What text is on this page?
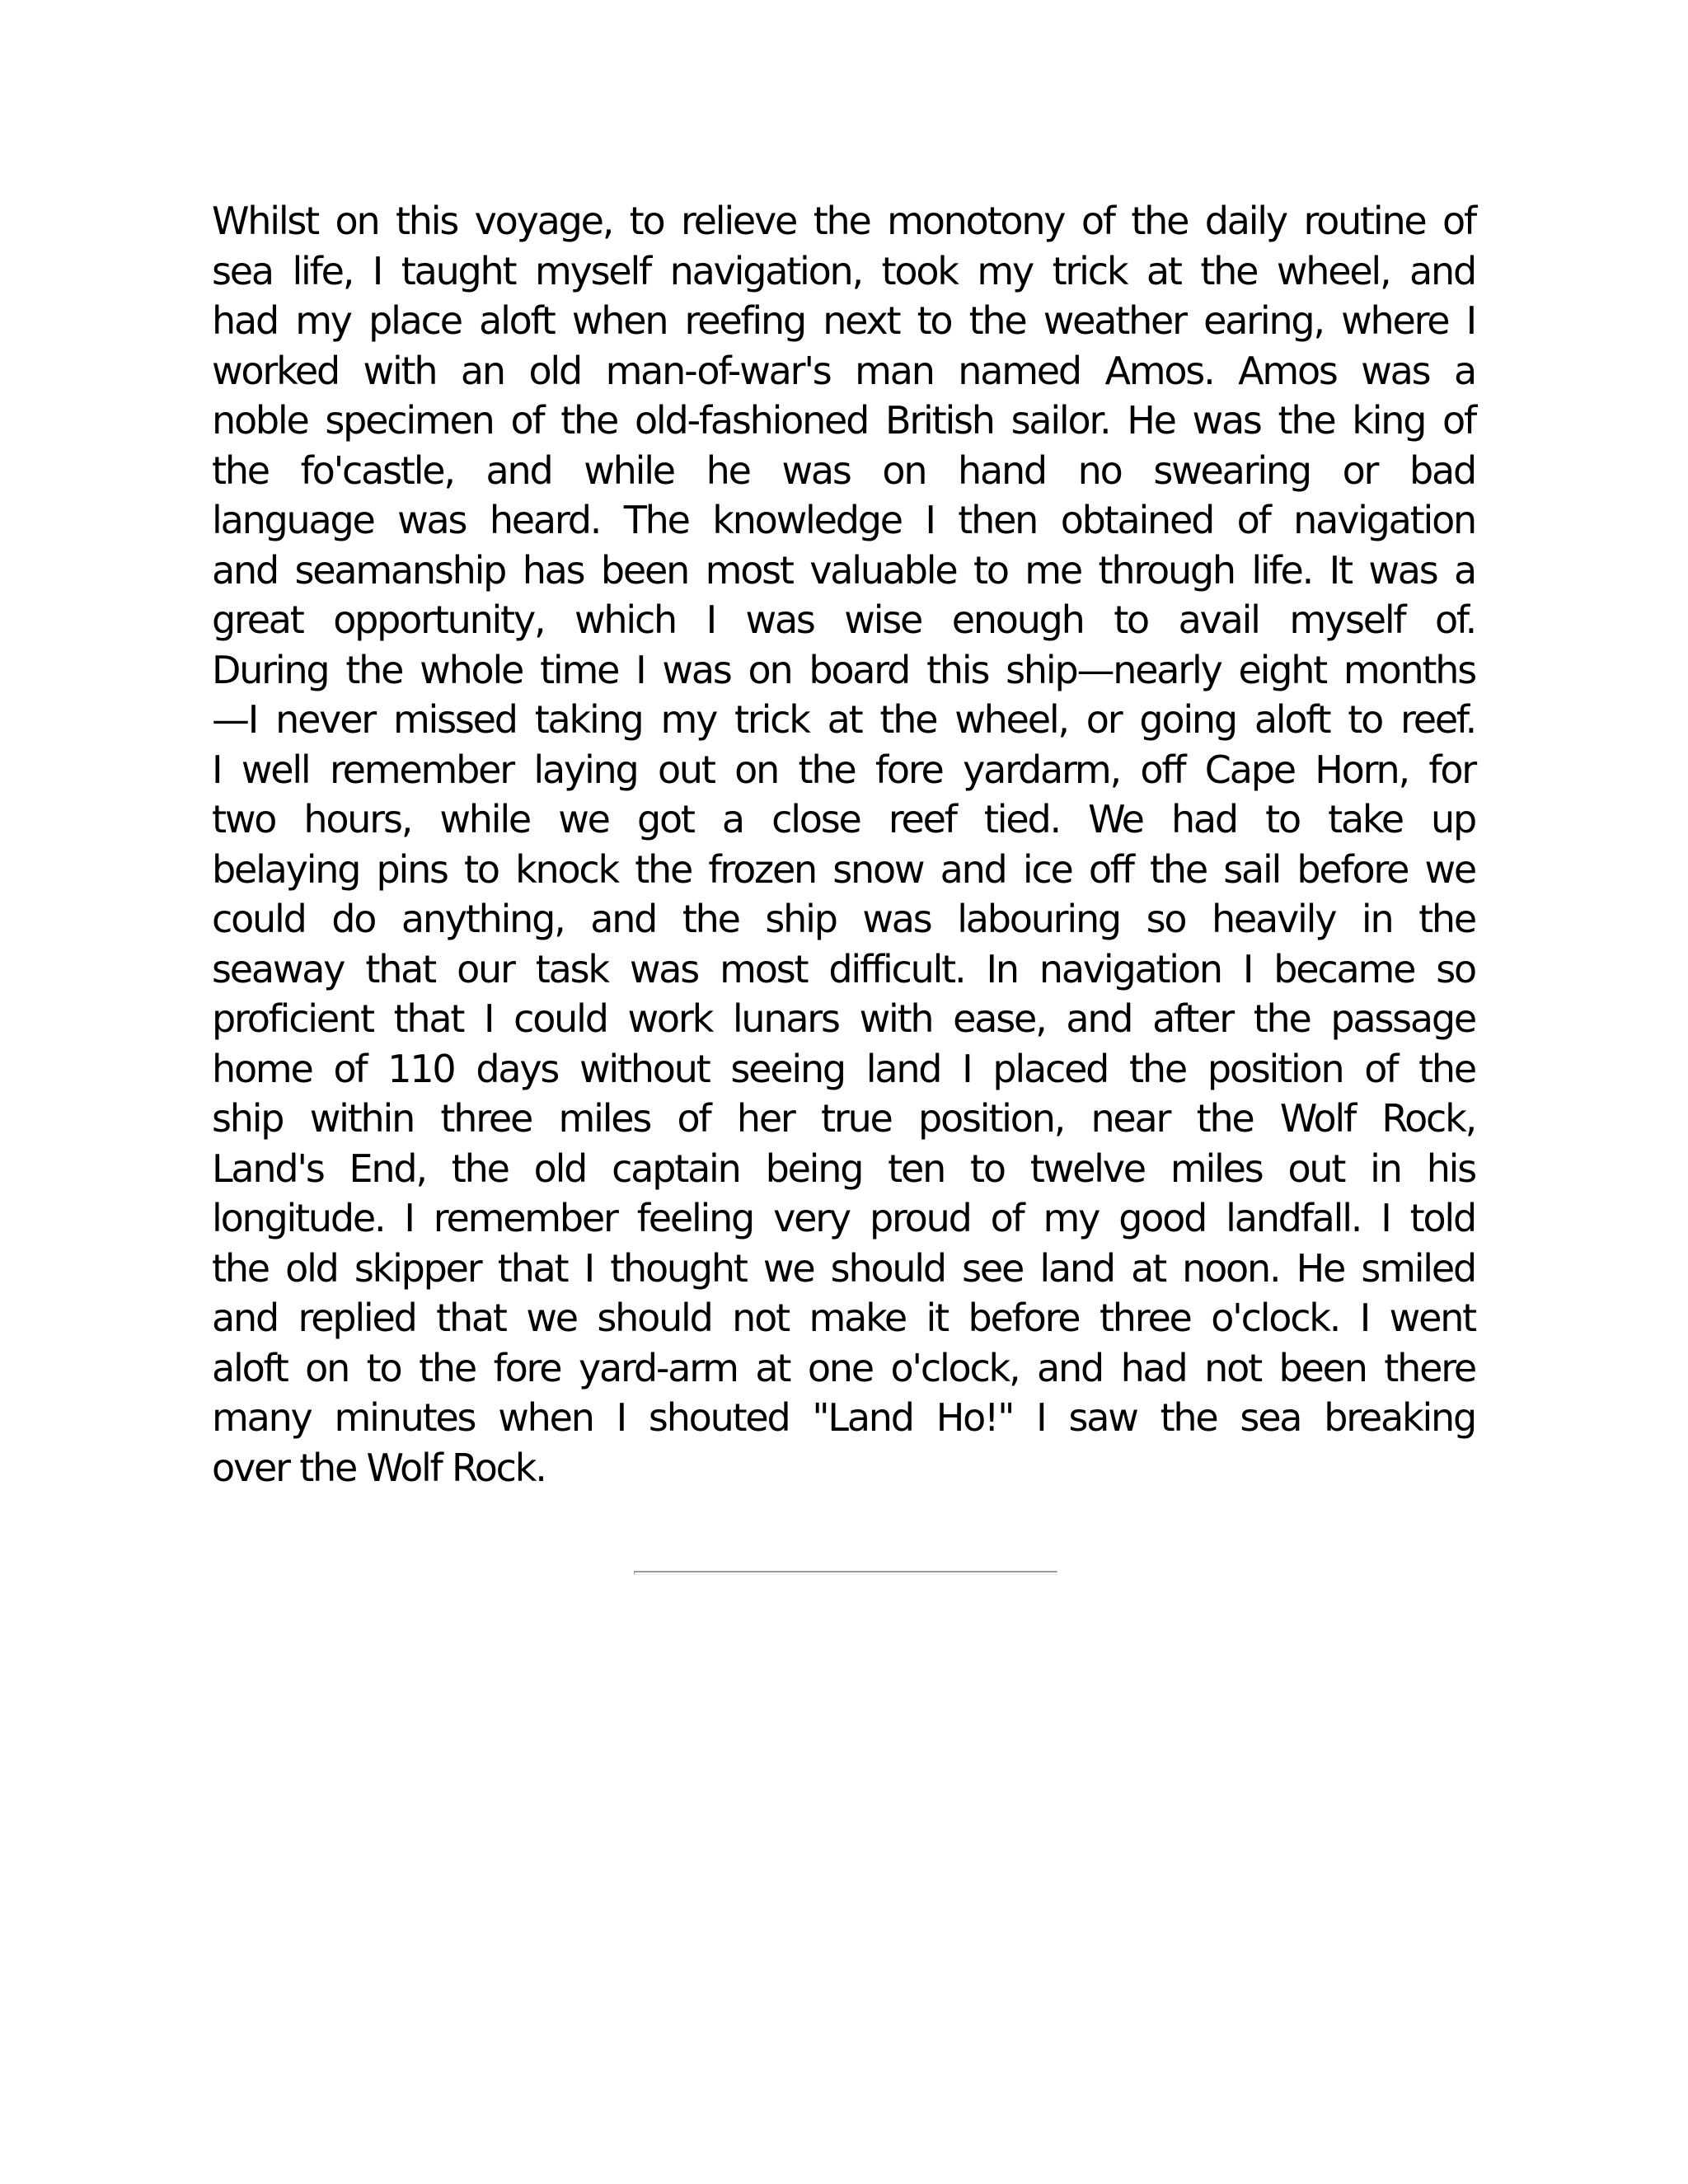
Whilst on this voyage, to relieve the monotony of the daily routine of
sea life, I taught myself navigation, took my trick at the wheel, and
had my place aloft when reefing next to the weather earing, where I
worked with an old man-of-war's man named Amos. Amos was a
noble specimen of the old-fashioned British sailor. He was the king of
the fo'castle, and while he was on hand no swearing or bad
language was heard. The knowledge I then obtained of navigation
and seamanship has been most valuable to me through life. It was a
great opportunity, which I was wise enough to avail myself of.
During the whole time I was on board this ship—nearly eight months
—I never missed taking my trick at the wheel, or going aloft to reef.
I well remember laying out on the fore yardarm, off Cape Horn, for
two hours, while we got a close reef tied. We had to take up
belaying pins to knock the frozen snow and ice off the sail before we
could do anything, and the ship was labouring so heavily in the
seaway that our task was most difficult. In navigation I became so
proficient that I could work lunars with ease, and after the passage
home of 110 days without seeing land I placed the position of the
ship within three miles of her true position, near the Wolf Rock,
Land's End, the old captain being ten to twelve miles out in his
longitude. I remember feeling very proud of my good landfall. I told
the old skipper that I thought we should see land at noon. He smiled
and replied that we should not make it before three o'clock. I went
aloft on to the fore yard-arm at one o'clock, and had not been there
many minutes when I shouted "Land Ho!" I saw the sea breaking
over the Wolf Rock.
